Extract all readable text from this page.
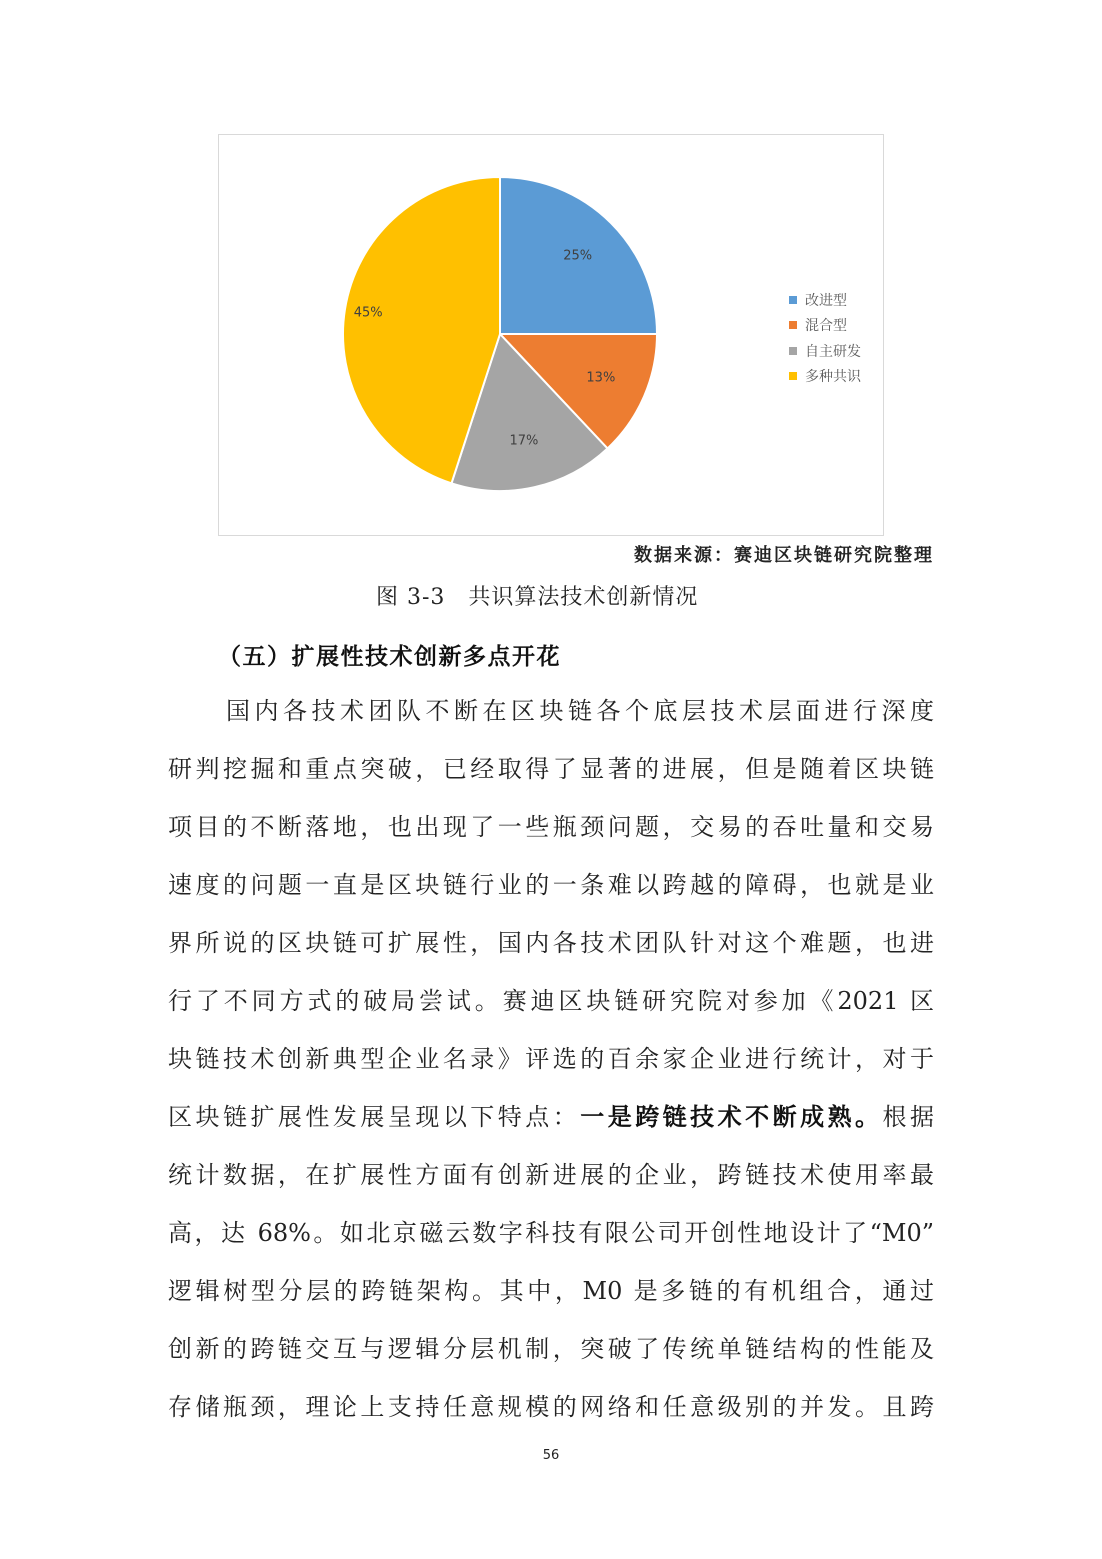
25%
13%
17%
45%
改进型
混合型
自主研发
多种共识
数据来源：赛迪区块链研究院整理
图 3-3　共识算法技术创新情况
（五）扩展性技术创新多点开花
国内各技术团队不断在区块链各个底层技术层面进行深度
研判挖掘和重点突破，已经取得了显著的进展，但是随着区块链
项目的不断落地，也出现了一些瓶颈问题，交易的吞吐量和交易
速度的问题一直是区块链行业的一条难以跨越的障碍，也就是业
界所说的区块链可扩展性，国内各技术团队针对这个难题，也进
行了不同方式的破局尝试。赛迪区块链研究院对参加《2021 区
块链技术创新典型企业名录》评选的百余家企业进行统计，对于
区块链扩展性发展呈现以下特点：一是跨链技术不断成熟。根据
统计数据，在扩展性方面有创新进展的企业，跨链技术使用率最
高，达 68%。如北京磁云数字科技有限公司开创性地设计了“M0”
逻辑树型分层的跨链架构。其中，M0 是多链的有机组合，通过
创新的跨链交互与逻辑分层机制，突破了传统单链结构的性能及
存储瓶颈，理论上支持任意规模的网络和任意级别的并发。且跨
56
